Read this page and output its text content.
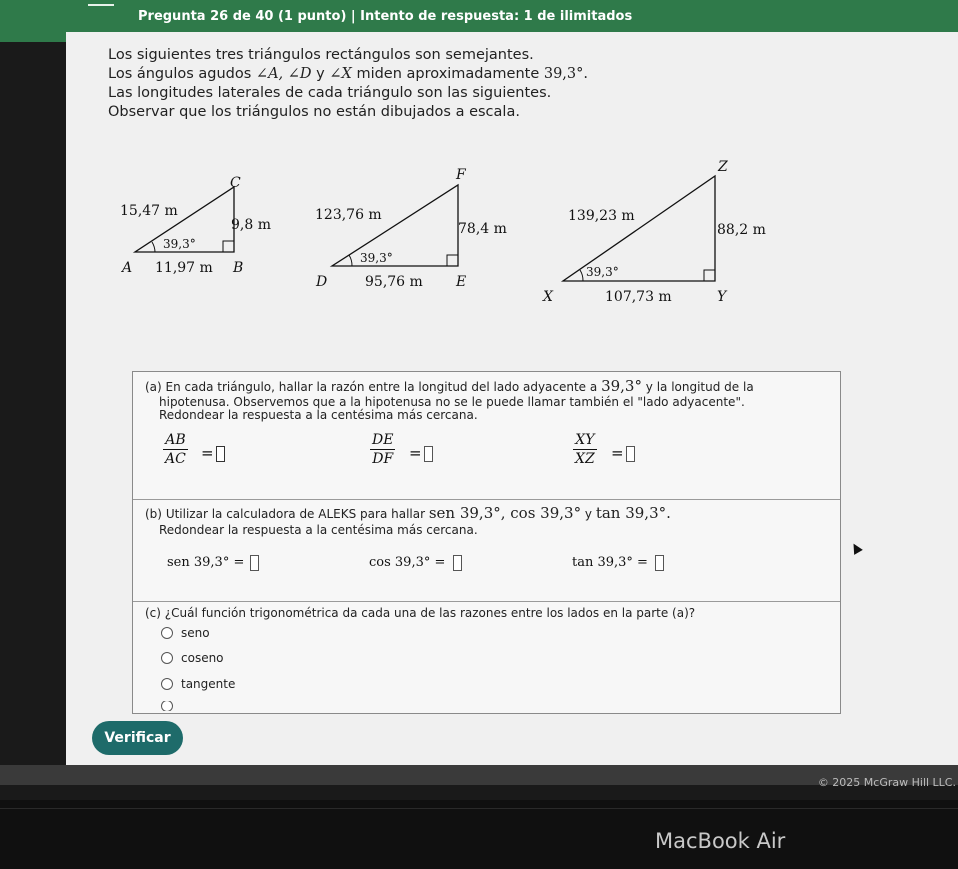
Pregunta 26 de 40 (1 punto) | Intento de respuesta: 1 de ilimitados

Los siguientes tres triángulos rectángulos son semejantes.

Los ángulos agudos ∠A, ∠D y ∠X miden aproximadamente 39,3°.

Las longitudes laterales de cada triángulo son las siguientes.

Observar que los triángulos no están dibujados a escala.

39,3°
15,47 m
9,8 m
11,97 m
A	B
C
39,3°
123,76 m
78,4 m
95,76 m
D	E
F
39,3°
139,23 m
88,2 m
107,73 m
X	Y
Z
(a) En cada triángulo, hallar la razón entre la longitud del lado adyacente a 39,3° y la longitud de la
hipotenusa. Observemos que a la hipotenusa no se le puede llamar también el "lado adyacente".
Redondear la respuesta a la centésima más cercana.
AB
AC =
DE
DF =
XY
XZ =
(b) Utilizar la calculadora de ALEKS para hallar sen 39,3°, cos 39,3° y tan 39,3°.
Redondear la respuesta a la centésima más cercana.
sen 39,3° =	cos 39,3° =	tan 39,3° =
(c) ¿Cuál función trigonométrica da cada una de las razones entre los lados en la parte (a)?
seno
coseno
tangente
Verificar
© 2025 McGraw Hill LLC.
MacBook Air
